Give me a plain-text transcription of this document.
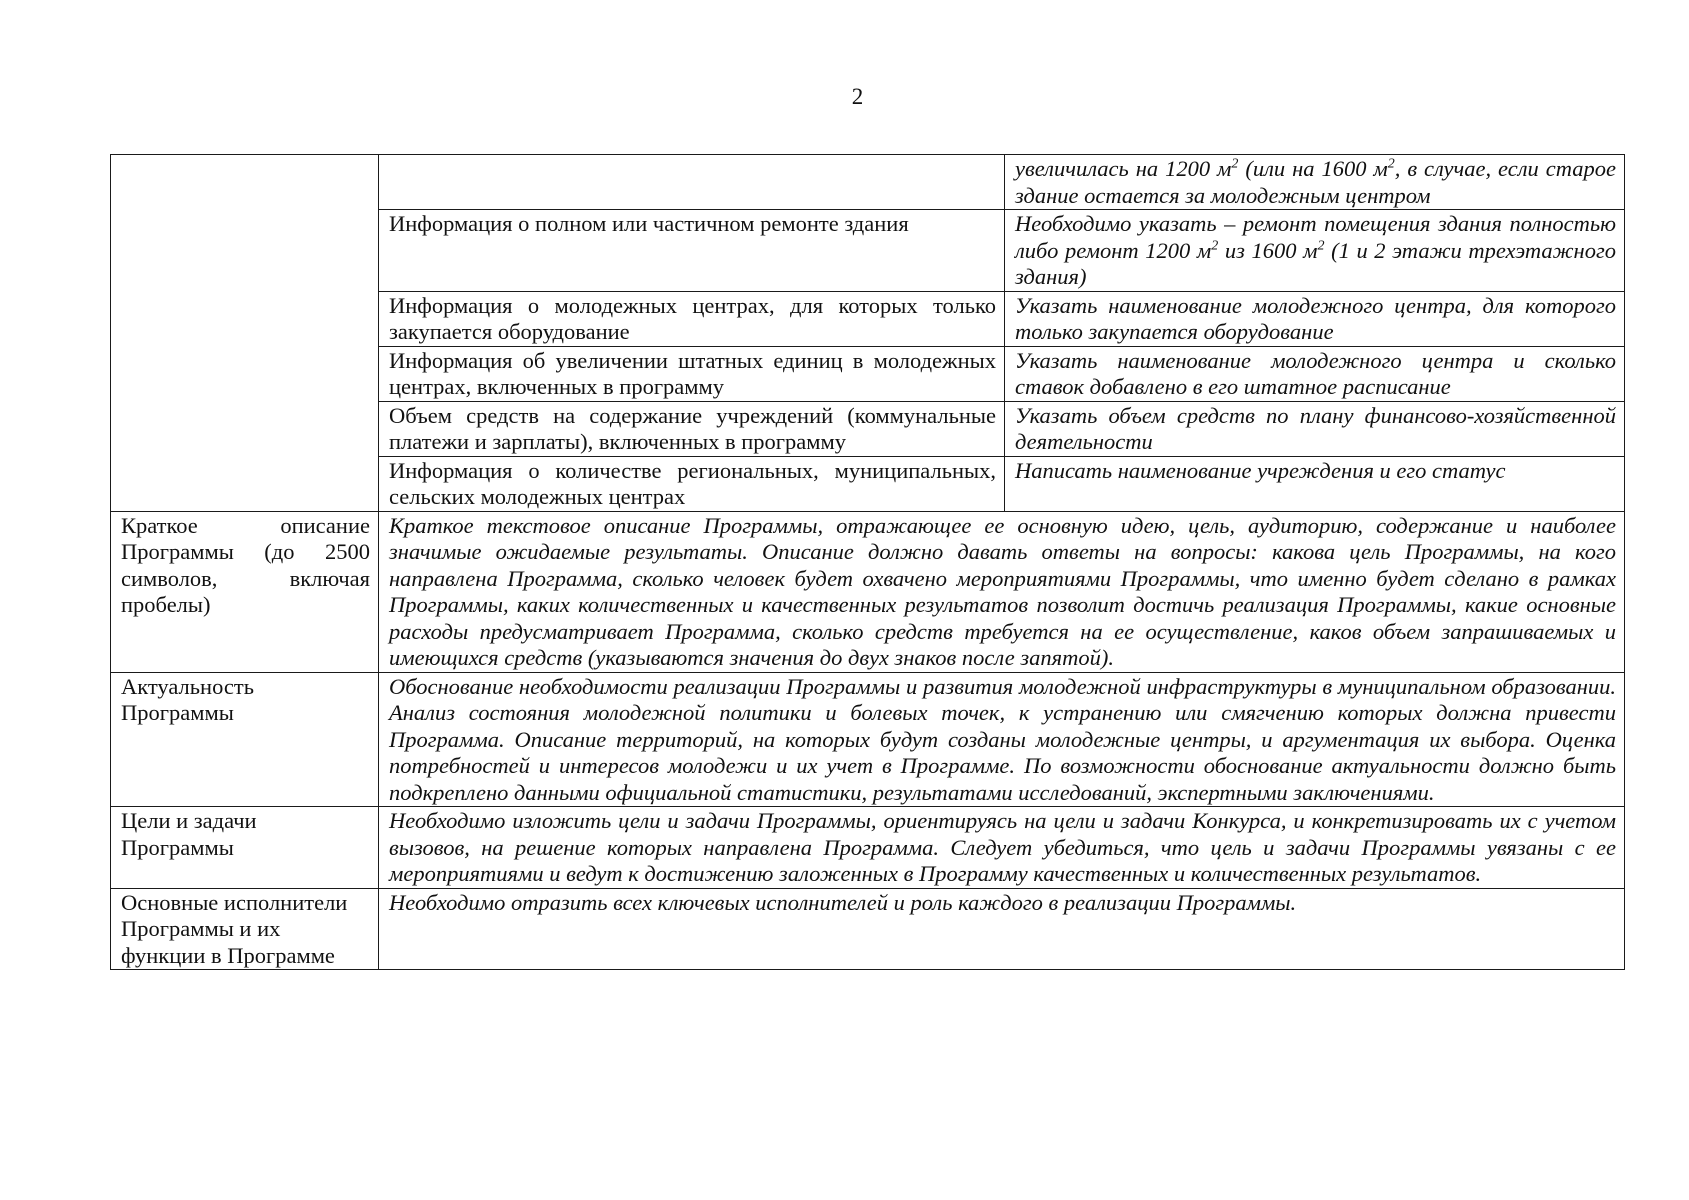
2
		увеличилась на 1200 $м^2$ (или на 1600 $м^2$, в случае, если старое здание остается за молодежным центром
	Информация о полном или частичном ремонте здания	Необходимо указать – ремонт помещения здания полностью либо ремонт 1200 $м^2$ из 1600 $м^2$ (1 и 2 этажи трехэтажного здания)
	Информация о молодежных центрах, для которых только закупается оборудование	Указать наименование молодежного центра, для которого только закупается оборудование
	Информация об увеличении штатных единиц в молодежных центрах, включенных в программу	Указать наименование молодежного центра и сколько ставок добавлено в его штатное расписание
	Объем средств на содержание учреждений (коммунальные платежи и зарплаты), включенных в программу	Указать объем средств по плану финансово-хозяйственной деятельности
	Информация о количестве региональных, муниципальных, сельских молодежных центрах	Написать наименование учреждения и его статус
Краткое описание Программы (до 2500 символов, включая пробелы)	Краткое текстовое описание Программы, отражающее ее основную идею, цель, аудиторию, содержание и наиболее значимые ожидаемые результаты. Описание должно давать ответы на вопросы: какова цель Программы, на кого направлена Программа, сколько человек будет охвачено мероприятиями Программы, что именно будет сделано в рамках Программы, каких количественных и качественных результатов позволит достичь реализация Программы, какие основные расходы предусматривает Программа, сколько средств требуется на ее осуществление, каков объем запрашиваемых и имеющихся средств (указываются значения до двух знаков после запятой).	
Актуальность Программы	Обоснование необходимости реализации Программы и развития молодежной инфраструктуры в муниципальном образовании. Анализ состояния молодежной политики и болевых точек, к устранению или смягчению которых должна привести Программа. Описание территорий, на которых будут созданы молодежные центры, и аргументация их выбора. Оценка потребностей и интересов молодежи и их учет в Программе. По возможности обоснование актуальности должно быть подкреплено данными официальной статистики, результатами исследований, экспертными заключениями.	
Цели и задачи Программы	Необходимо изложить цели и задачи Программы, ориентируясь на цели и задачи Конкурса, и конкретизировать их с учетом вызовов, на решение которых направлена Программа. Следует убедиться, что цель и задачи Программы увязаны с ее мероприятиями и ведут к достижению заложенных в Программу качественных и количественных результатов.	
Основные исполнители Программы и их функции в Программе	Необходимо отразить всех ключевых исполнителей и роль каждого в реализации Программы.	
